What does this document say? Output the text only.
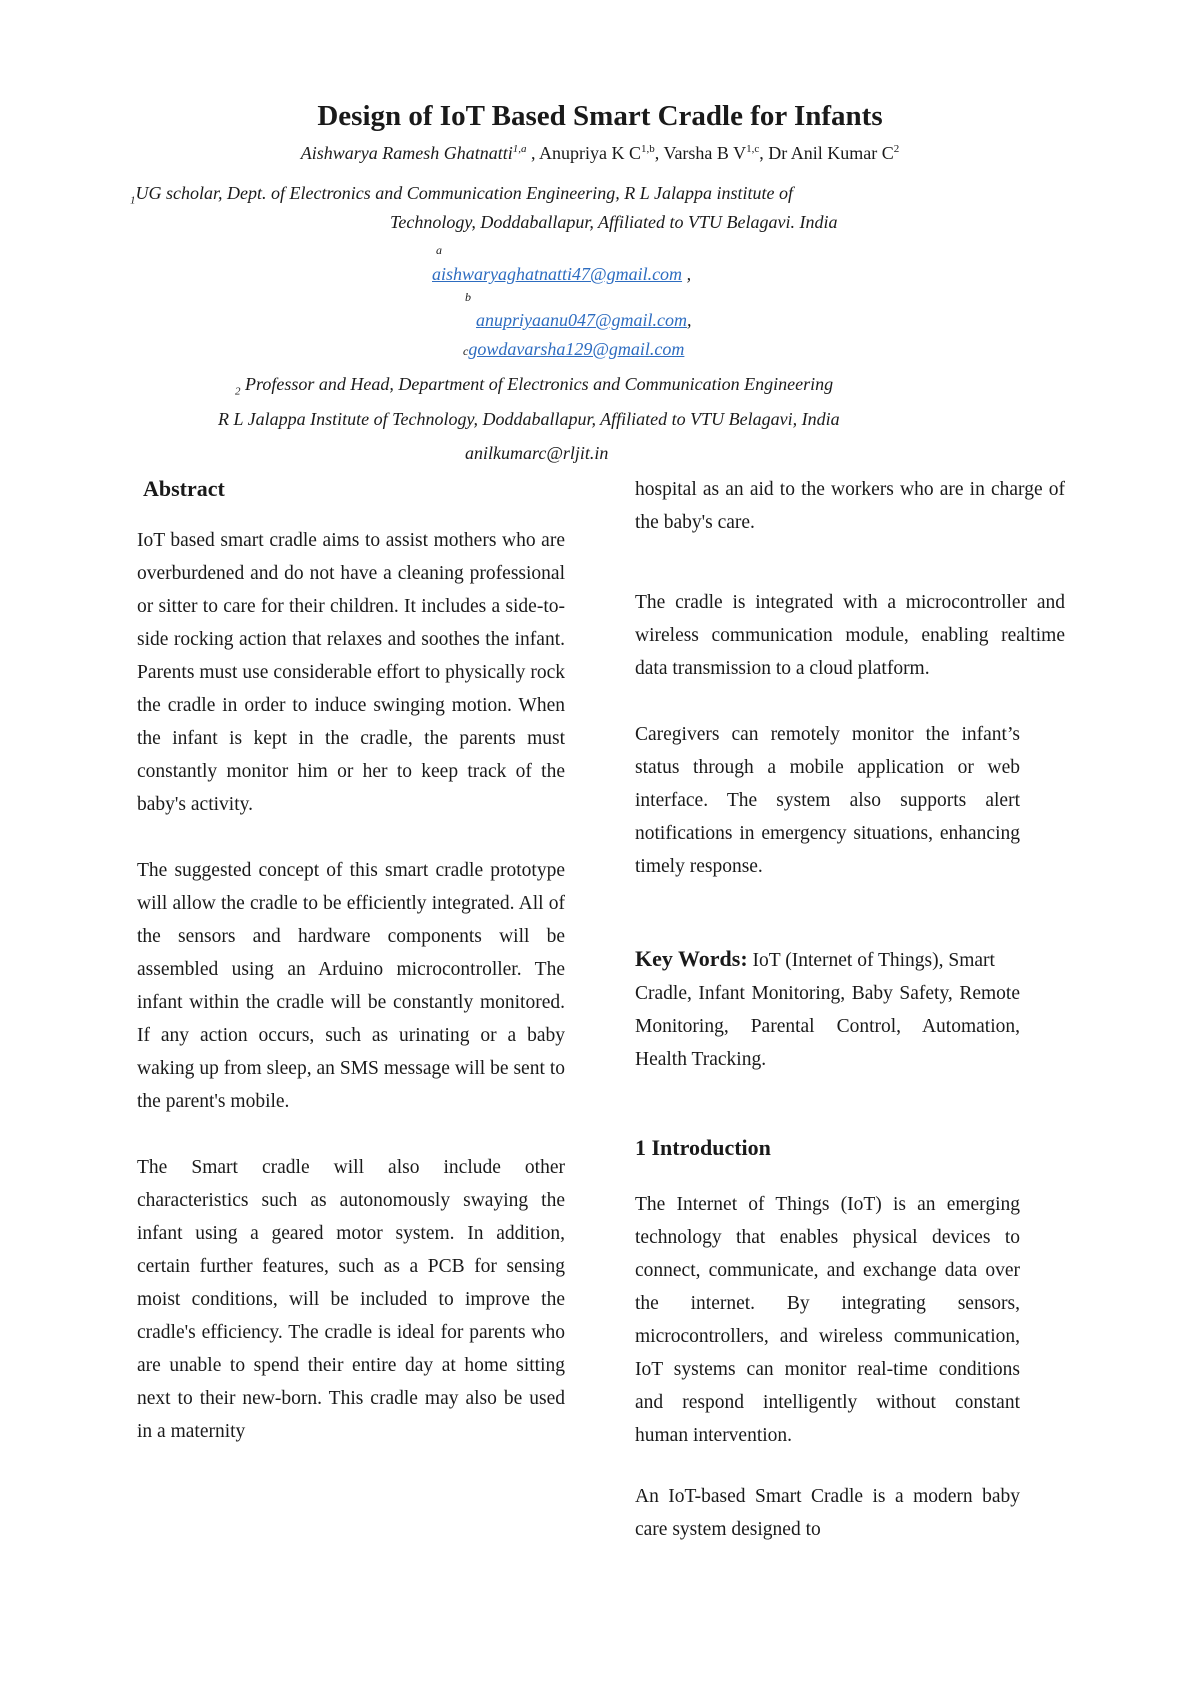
Design of IoT Based Smart Cradle for Infants
Aishwarya Ramesh Ghatnatti$^{1,a}$ , Anupriya K C$^{1,b}$, Varsha B V$^{1,c}$, Dr Anil Kumar $C^2$
$_1$UG scholar, Dept. of Electronics and Communication Engineering, R L Jalappa institute of
Technology, Doddaballapur, Affiliated to VTU Belagavi. India
a
aishwaryaghatnatti47@gmail.com ,
b
anupriyaanu047@gmail.com,
cgowdavarsha129@gmail.com
$_2$ Professor and Head, Department of Electronics and Communication Engineering
R L Jalappa Institute of Technology, Doddaballapur, Affiliated to VTU Belagavi, India
anilkumarc@rljit.in
Abstract

IoT based smart cradle aims to assist mothers who are overburdened and do not have a cleaning professional or sitter to care for their children. It includes a side-to-side rocking action that relaxes and soothes the infant. Parents must use considerable effort to physically rock the cradle in order to induce swinging motion. When the infant is kept in the cradle, the parents must constantly monitor him or her to keep track of the baby's activity.

The suggested concept of this smart cradle prototype will allow the cradle to be efficiently integrated. All of the sensors and hardware components will be assembled using an Arduino microcontroller. The infant within the cradle will be constantly monitored. If any action occurs, such as urinating or a baby waking up from sleep, an SMS message will be sent to the parent's mobile.

The Smart cradle will also include other characteristics such as autonomously swaying the infant using a geared motor system. In addition, certain further features, such as a PCB for sensing moist conditions, will be included to improve the cradle's efficiency. The cradle is ideal for parents who are unable to spend their entire day at home sitting next to their new-born. This cradle may also be used in a maternity

hospital as an aid to the workers who are in charge of the baby's care.

The cradle is integrated with a microcontroller and wireless communication module, enabling realtime data transmission to a cloud platform.

Caregivers can remotely monitor the infant’s status through a mobile application or web interface. The system also supports alert notifications in emergency situations, enhancing timely response.

Key Words: IoT (Internet of Things), Smart

Cradle, Infant Monitoring, Baby Safety, Remote Monitoring, Parental Control, Automation, Health Tracking.

1 Introduction

The Internet of Things (IoT) is an emerging technology that enables physical devices to connect, communicate, and exchange data over the internet. By integrating sensors, microcontrollers, and wireless communication, IoT systems can monitor real-time conditions and respond intelligently without constant human intervention.

An IoT-based Smart Cradle is a modern baby care system designed to
